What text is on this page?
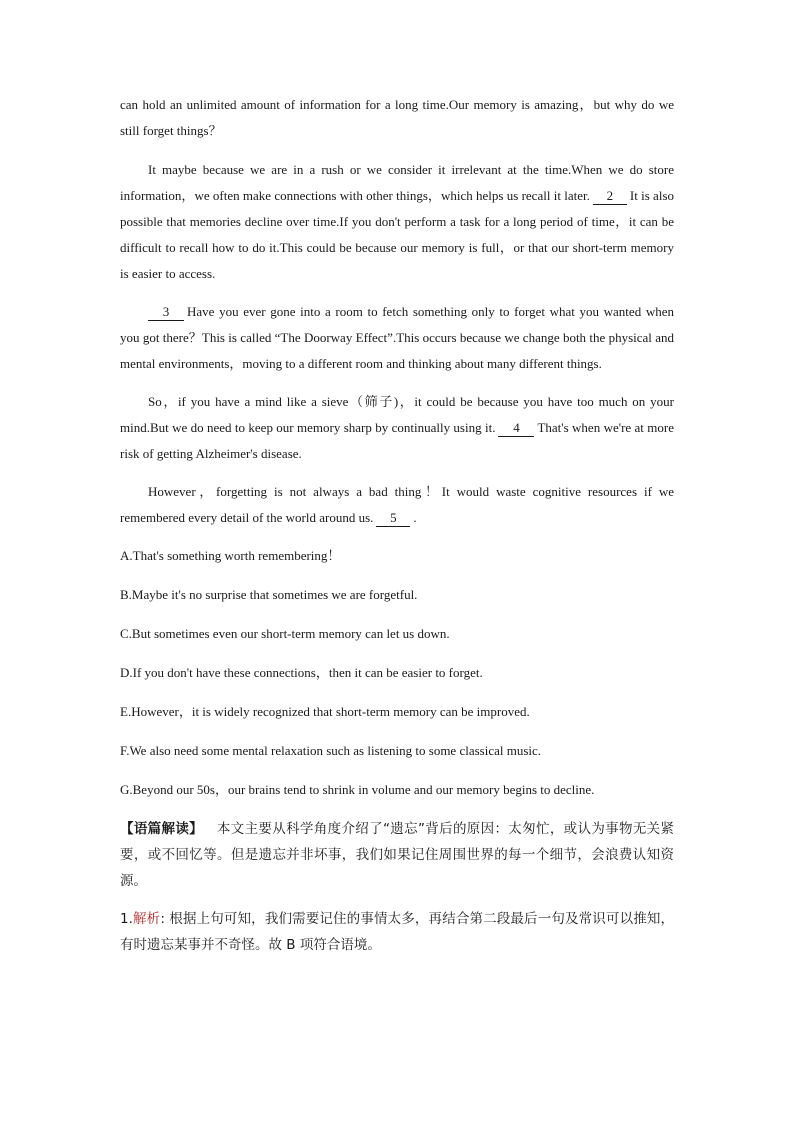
can hold an unlimited amount of information for a long time.Our memory is amazing，but why do we still forget things？

It maybe because we are in a rush or we consider it irrelevant at the time.When we do store information，we often make connections with other things，which helps us recall it later. 2 It is also possible that memories decline over time.If you don't perform a task for a long period of time，it can be difficult to recall how to do it.This could be because our memory is full，or that our short-term memory is easier to access.

3 Have you ever gone into a room to fetch something only to forget what you wanted when you got there？This is called “The Doorway Effect”.This occurs because we change both the physical and mental environments，moving to a different room and thinking about many different things.

So，if you have a mind like a sieve（筛子)，it could be because you have too much on your mind.But we do need to keep our memory sharp by continually using it. 4 That's when we're at more risk of getting Alzheimer's disease.

However，forgetting is not always a bad thing！It would waste cognitive resources if we remembered every detail of the world around us. 5 .

A.That's something worth remembering！

B.Maybe it's no surprise that sometimes we are forgetful.

C.But sometimes even our short-term memory can let us down.

D.If you don't have these connections，then it can be easier to forget.

E.However，it is widely recognized that short-term memory can be improved.

F.We also need some mental relaxation such as listening to some classical music.

G.Beyond our 50s，our brains tend to shrink in volume and our memory begins to decline.

【语篇解读】 本文主要从科学角度介绍了“遗忘”背后的原因：太匆忙，或认为事物无关紧要，或不回忆等。但是遗忘并非坏事，我们如果记住周围世界的每一个细节，会浪费认知资源。

1.解析: 根据上句可知，我们需要记住的事情太多，再结合第二段最后一句及常识可以推知，有时遗忘某事并不奇怪。故 B 项符合语境。
